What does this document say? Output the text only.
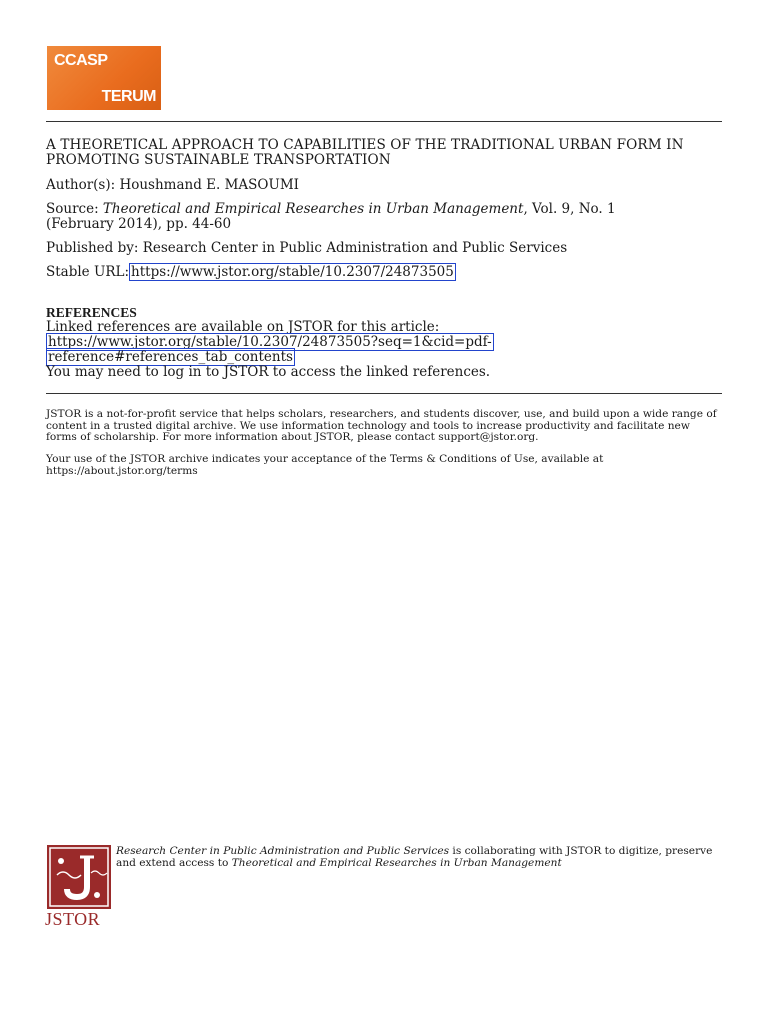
CCASP
TERUM
A THEORETICAL APPROACH TO CAPABILITIES OF THE TRADITIONAL URBAN FORM IN PROMOTING SUSTAINABLE TRANSPORTATION
Author(s): Houshmand E. MASOUMI
Source: Theoretical and Empirical Researches in Urban Management, Vol. 9, No. 1
(February 2014), pp. 44-60
Published by: Research Center in Public Administration and Public Services
Stable URL: https://www.jstor.org/stable/10.2307/24873505
REFERENCES
Linked references are available on JSTOR for this article:
https://www.jstor.org/stable/10.2307/24873505?seq=1&cid=pdf-
reference#references_tab_contents
You may need to log in to JSTOR to access the linked references.
JSTOR is a not-for-profit service that helps scholars, researchers, and students discover, use, and build upon a wide range of content in a trusted digital archive. We use information technology and tools to increase productivity and facilitate new forms of scholarship. For more information about JSTOR, please contact support@jstor.org.
Your use of the JSTOR archive indicates your acceptance of the Terms & Conditions of Use, available at https://about.jstor.org/terms
JSTOR
Research Center in Public Administration and Public Services is collaborating with JSTOR to digitize, preserve and extend access to Theoretical and Empirical Researches in Urban Management
